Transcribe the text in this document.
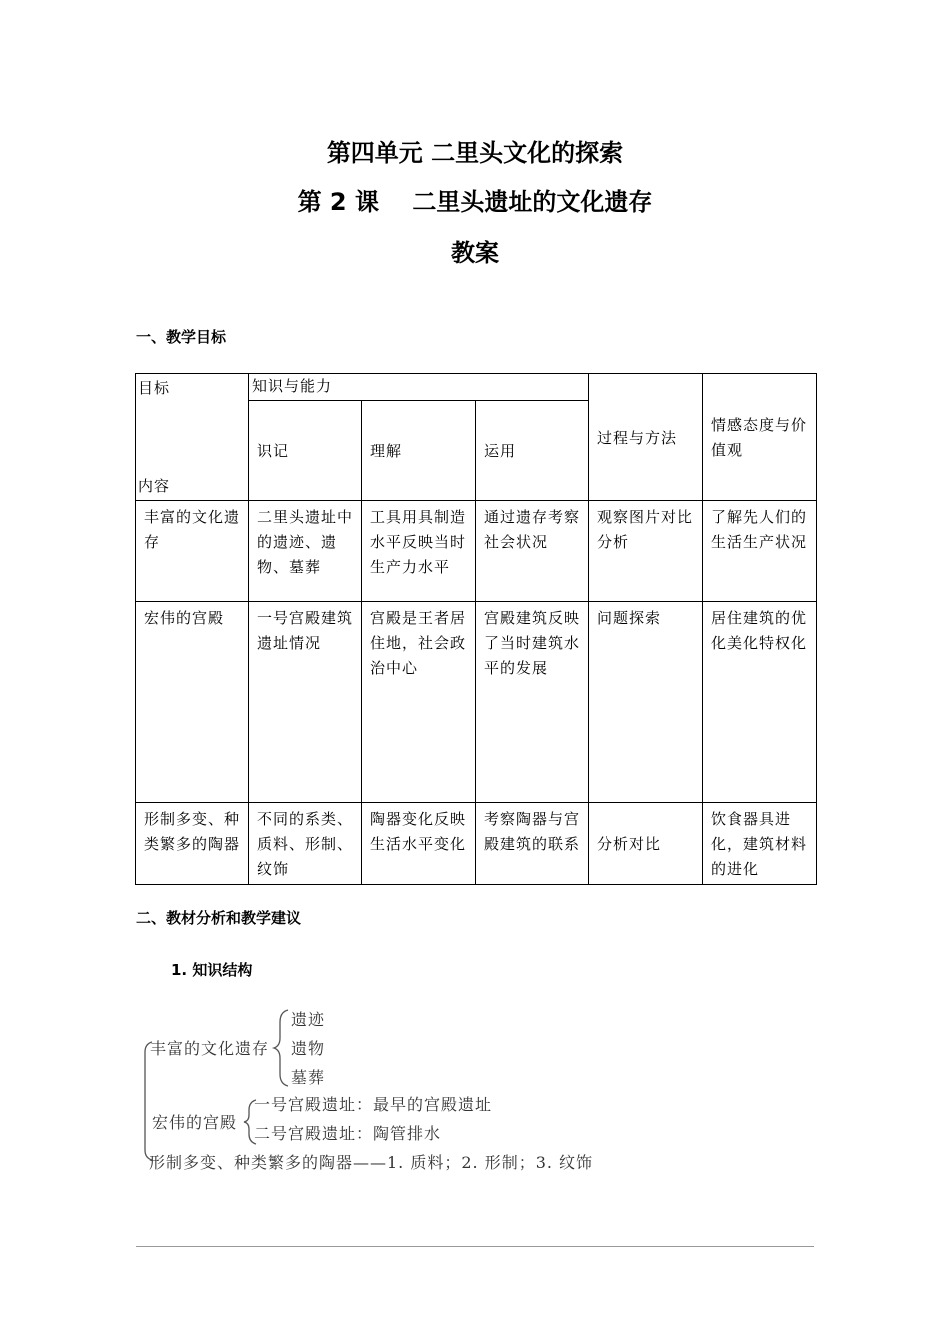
第四单元 二里头文化的探索
第 2 课    二里头遗址的文化遗存
教案
一、教学目标
目标
内容	知识与能力			过程与方法	情感态度与价值观
	识记	理解	运用		
丰富的文化遗存	二里头遗址中的遗迹、遗物、墓葬	工具用具制造水平反映当时生产力水平	通过遗存考察社会状况	观察图片对比分析	了解先人们的生活生产状况
宏伟的宫殿	一号宫殿建筑遗址情况	宫殿是王者居住地，社会政治中心	宫殿建筑反映了当时建筑水平的发展	问题探索	居住建筑的优化美化特权化
形制多变、种类繁多的陶器	不同的系类、质料、形制、纹饰	陶器变化反映生活水平变化	考察陶器与宫殿建筑的联系	分析对比	饮食器具进化，建筑材料的进化
二、教材分析和教学建议
1. 知识结构
丰富的文化遗存
遗迹
遗物
墓葬
宏伟的宫殿
一号宫殿遗址：最早的宫殿遗址
二号宫殿遗址：陶管排水
形制多变、种类繁多的陶器——1. 质料；2. 形制；3. 纹饰
